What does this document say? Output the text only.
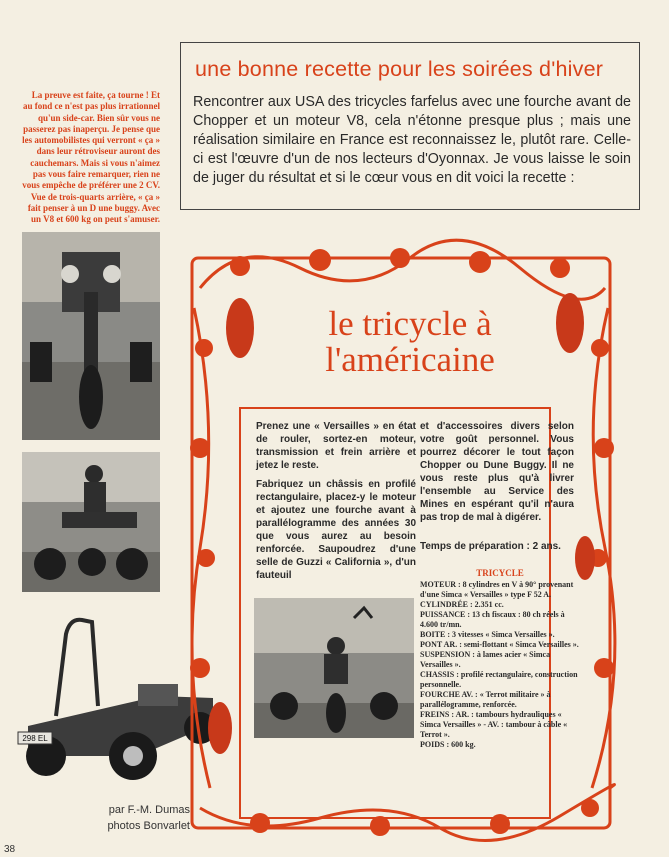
une bonne recette pour les soirées d'hiver
Rencontrer aux USA des tricycles farfelus avec une fourche avant de Chopper et un moteur V8, cela n'étonne presque plus ; mais une réalisation similaire en France est reconnaissez le, plutôt rare. Celle-ci est l'œuvre d'un de nos lecteurs d'Oyonnax. Je vous laisse le soin de juger du résultat et si le cœur vous en dit voici la recette :
La preuve est faite, ça tourne ! Et au fond ce n'est pas plus irrationnel qu'un side-car. Bien sûr vous ne passerez pas inaperçu. Je pense que les automobilistes qui verront « ça » dans leur rétroviseur auront des cauchemars. Mais si vous n'aimez pas vous faire remarquer, rien ne vous empêche de préférer une 2 CV. Vue de trois-quarts arrière, « ça » fait penser à un D une buggy. Avec un V8 et 600 kg on peut s'amuser.
298 EL
par F.-M. Dumas
photos Bonvarlet
38
le tricycle à
l'américaine

Prenez une « Versailles » en état de rouler, sortez-en moteur, transmission et frein arrière et jetez le reste.

Fabriquez un châssis en profilé rectangulaire, placez-y le moteur et ajoutez une fourche avant à parallélogramme des années 30 que vous aurez au besoin renforcée. Saupoudrez d'une selle de Guzzi « California », d'un fauteuil

et d'accessoires divers selon votre goût personnel. Vous pourrez décorer le tout façon Chopper ou Dune Buggy. Il ne vous reste plus qu'à livrer l'ensemble au Service des Mines en espérant qu'il n'aura pas trop de mal à digérer.

Temps de préparation : 2 ans.
TRICYCLE

MOTEUR : 8 cylindres en V à 90° provenant d'une Simca « Versailles » type F 52 A.

CYLINDRÉE : 2.351 cc.

PUISSANCE : 13 ch fiscaux : 80 ch réels à 4.600 tr/mn.

BOITE : 3 vitesses « Simca Versailles ».

PONT AR. : semi-flottant « Simca Versailles ».

SUSPENSION : à lames acier « Simca Versailles ».

CHASSIS : profilé rectangulaire, construction personnelle.

FOURCHE AV. : « Terrot militaire » à parallélogramme, renforcée.

FREINS : AR. : tambours hydrauliques « Simca Versailles » - AV. : tambour à câble « Terrot ».

POIDS : 600 kg.
